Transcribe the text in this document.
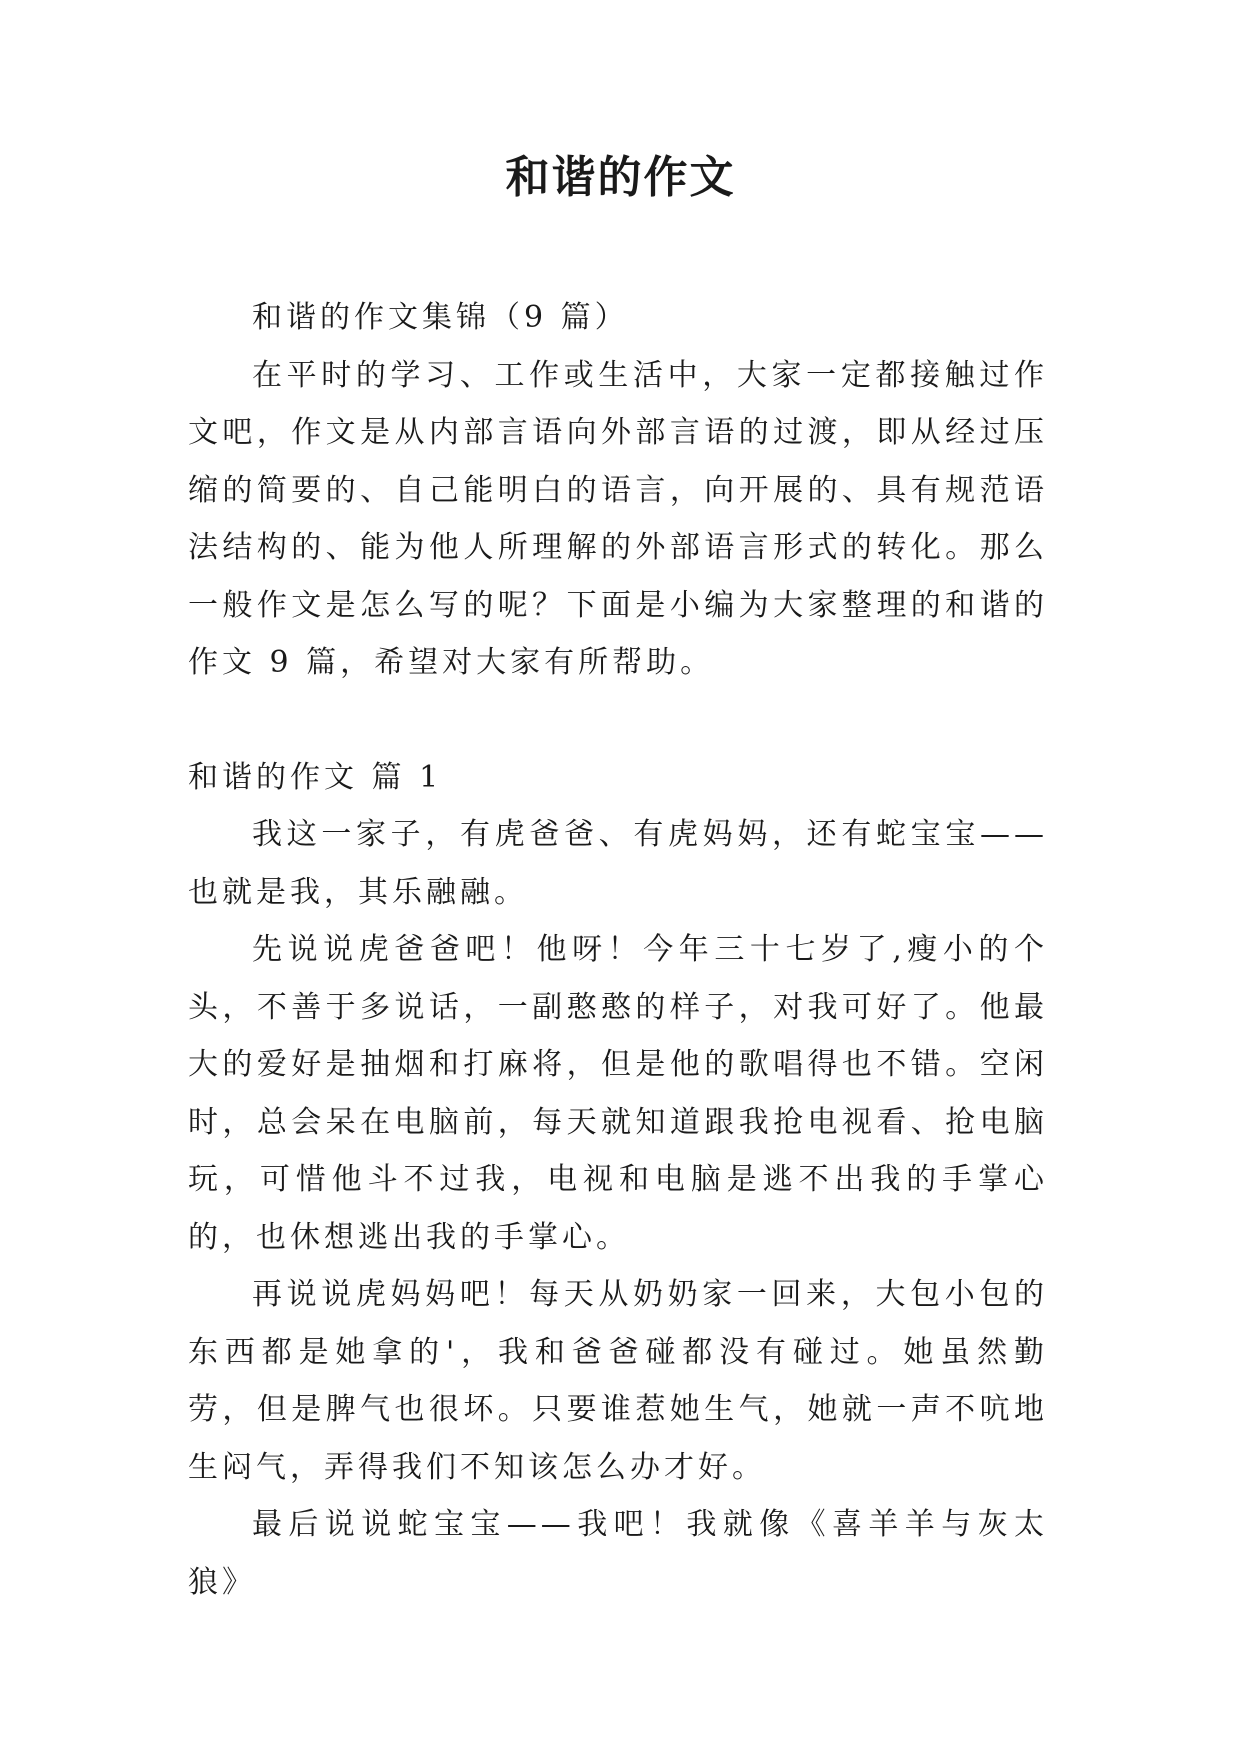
和谐的作文

和谐的作文集锦（9 篇）

在平时的学习、工作或生活中，大家一定都接触过作文吧，作文是从内部言语向外部言语的过渡，即从经过压缩的简要的、自己能明白的语言，向开展的、具有规范语法结构的、能为他人所理解的外部语言形式的转化。那么一般作文是怎么写的呢？下面是小编为大家整理的和谐的作文 9 篇，希望对大家有所帮助。

和谐的作文 篇 1

我这一家子，有虎爸爸、有虎妈妈，还有蛇宝宝——也就是我，其乐融融。

先说说虎爸爸吧！他呀！今年三十七岁了,瘦小的个头，不善于多说话，一副憨憨的样子，对我可好了。他最大的爱好是抽烟和打麻将，但是他的歌唱得也不错。空闲时，总会呆在电脑前，每天就知道跟我抢电视看、抢电脑玩，可惜他斗不过我，电视和电脑是逃不出我的手掌心的，也休想逃出我的手掌心。

再说说虎妈妈吧！每天从奶奶家一回来，大包小包的东西都是她拿的'，我和爸爸碰都没有碰过。她虽然勤劳，但是脾气也很坏。只要谁惹她生气，她就一声不吭地生闷气，弄得我们不知该怎么办才好。

最后说说蛇宝宝——我吧！我就像《喜羊羊与灰太狼》
